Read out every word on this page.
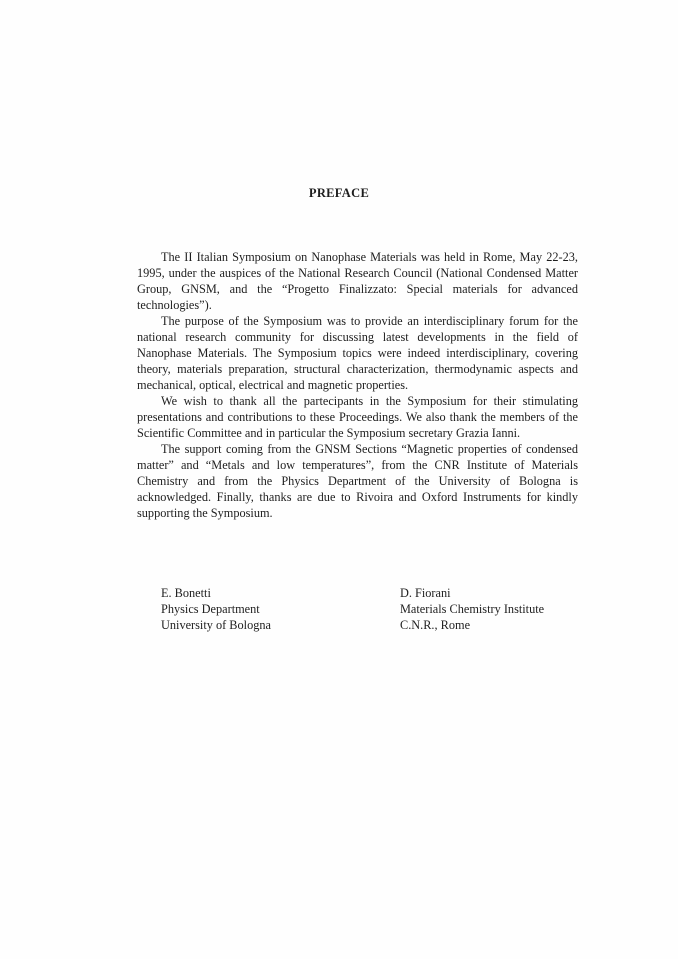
PREFACE

The II Italian Symposium on Nanophase Materials was held in Rome, May 22-23, 1995, under the auspices of the National Research Council (National Condensed Matter Group, GNSM, and the “Progetto Finalizzato: Special materials for advanced technologies”).

The purpose of the Symposium was to provide an interdisciplinary forum for the national research community for discussing latest developments in the field of Nanophase Materials. The Symposium topics were indeed interdisciplinary, covering theory, materials preparation, structural characterization, thermodynamic aspects and mechanical, optical, electrical and magnetic properties.

We wish to thank all the partecipants in the Symposium for their stimulating presentations and contributions to these Proceedings. We also thank the members of the Scientific Committee and in particular the Symposium secretary Grazia Ianni.

The support coming from the GNSM Sections “Magnetic properties of condensed matter” and “Metals and low temperatures”, from the CNR Institute of Materials Chemistry and from the Physics Department of the University of Bologna is acknowledged. Finally, thanks are due to Rivoira and Oxford Instruments for kindly supporting the Symposium.

E. Bonetti
Physics Department
University of Bologna
D. Fiorani
Materials Chemistry Institute
C.N.R., Rome
